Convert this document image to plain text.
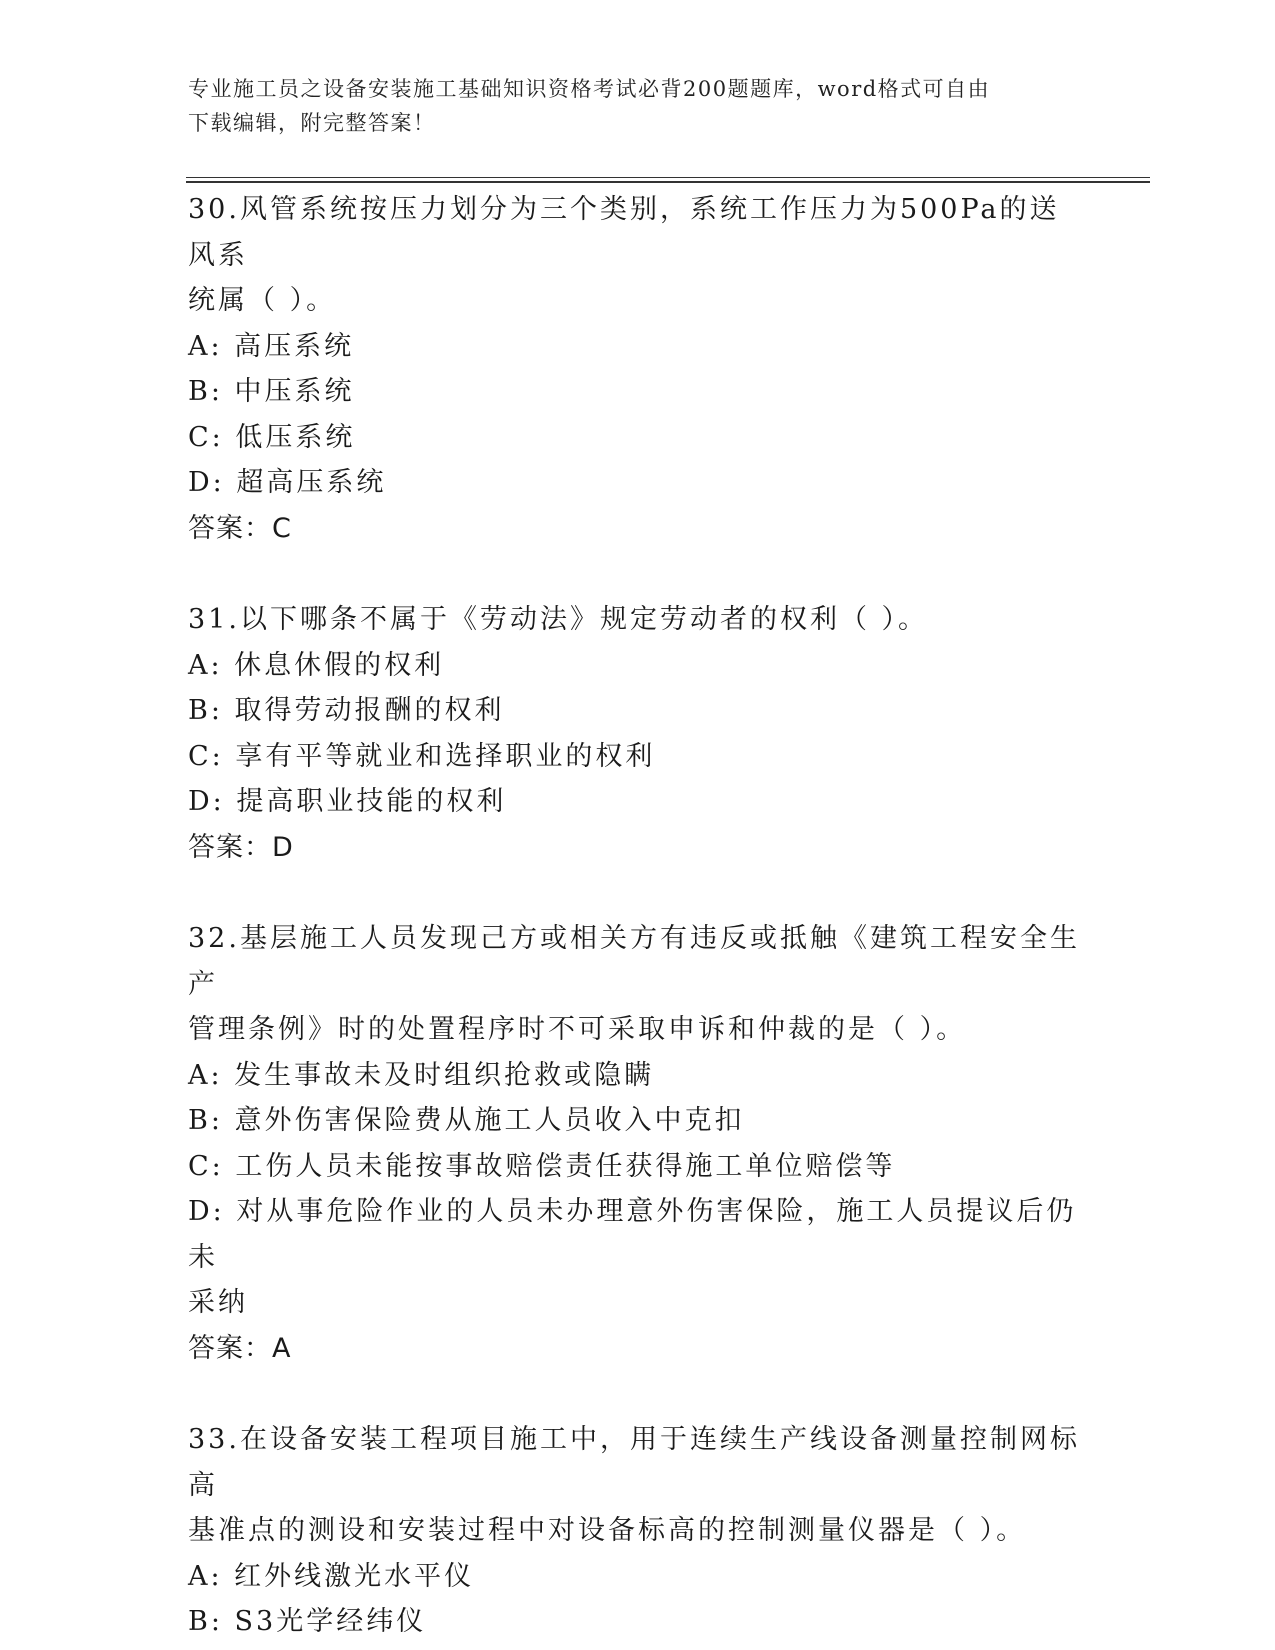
专业施工员之设备安装施工基础知识资格考试必背200题题库，word格式可自由
下载编辑，附完整答案！
30.风管系统按压力划分为三个类别，系统工作压力为500Pa的送风系
统属（ ）。
A: 高压系统
B: 中压系统
C: 低压系统
D: 超高压系统
答案：C
31.以下哪条不属于《劳动法》规定劳动者的权利（ ）。
A: 休息休假的权利
B: 取得劳动报酬的权利
C: 享有平等就业和选择职业的权利
D: 提高职业技能的权利
答案：D
32.基层施工人员发现己方或相关方有违反或抵触《建筑工程安全生产
管理条例》时的处置程序时不可采取申诉和仲裁的是（ ）。
A: 发生事故未及时组织抢救或隐瞒
B: 意外伤害保险费从施工人员收入中克扣
C: 工伤人员未能按事故赔偿责任获得施工单位赔偿等
D: 对从事危险作业的人员未办理意外伤害保险，施工人员提议后仍未
采纳
答案：A
33.在设备安装工程项目施工中，用于连续生产线设备测量控制网标高
基准点的测设和安装过程中对设备标高的控制测量仪器是（ ）。
A: 红外线激光水平仪
B: S3光学经纬仪
